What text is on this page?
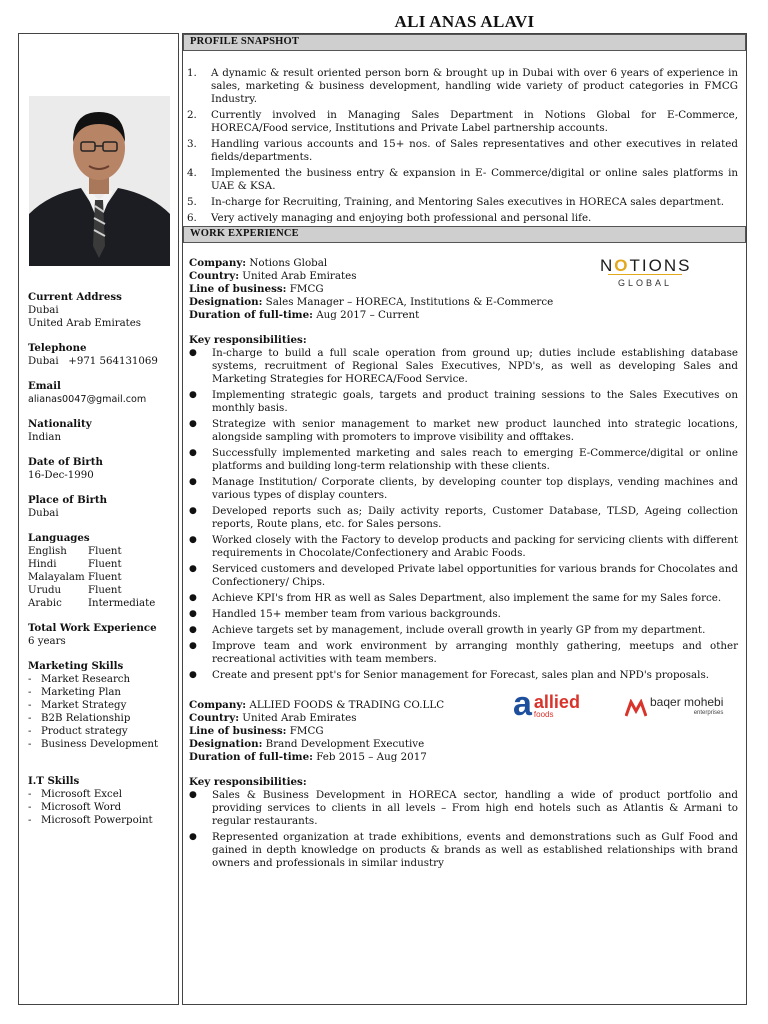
ALI ANAS ALAVI
Current Address
Dubai
United Arab Emirates
Telephone
Dubai   +971 564131069
Email
alianas0047@gmail.com
Nationality
Indian
Date of Birth
16-Dec-1990
Place of Birth
Dubai
Languages
English	Fluent
Hindi	Fluent
Malayalam Fluent
Urudu	Fluent
Arabic	Intermediate
Total Work Experience
6 years
Marketing Skills
- Market Research
- Marketing Plan
- Market Strategy
- B2B Relationship
- Product strategy
- Business Development
I.T Skills
- Microsoft Excel
- Microsoft Word
- Microsoft Powerpoint
PROFILE SNAPSHOT
1.	A dynamic & result oriented person born & brought up in Dubai with over 6 years of experience in sales, marketing & business development, handling wide variety of product categories in FMCG Industry.
2.	Currently involved in Managing Sales Department in Notions Global for E-Commerce, HORECA/Food service, Institutions and Private Label partnership accounts.
3.	Handling various accounts and 15+ nos. of Sales representatives and other executives in related fields/departments.
4.	Implemented the business entry & expansion in E- Commerce/digital or online sales platforms in UAE & KSA.
5.	In-charge for Recruiting, Training, and Mentoring Sales executives in HORECA sales department.
6.	Very actively managing and enjoying both professional and personal life.
WORK EXPERIENCE
NOTIONS
GLOBAL
Company: Notions Global
Country: United Arab Emirates
Line of business: FMCG
Designation: Sales Manager – HORECA, Institutions & E-Commerce
Duration of full-time: Aug 2017 – Current
Key responsibilities:
●	In-charge to build a full scale operation from ground up; duties include establishing database systems, recruitment of Regional Sales Executives, NPD's, as well as developing Sales and Marketing Strategies for HORECA/Food Service.
●	Implementing strategic goals, targets and product training sessions to the Sales Executives on monthly basis.
●	Strategize with senior management to market new product launched into strategic locations, alongside sampling with promoters to improve visibility and offtakes.
●	Successfully implemented marketing and sales reach to emerging E-Commerce/digital or online platforms and building long-term relationship with these clients.
●	Manage Institution/ Corporate clients, by developing counter top displays, vending machines and various types of display counters.
●	Developed reports such as; Daily activity reports, Customer Database, TLSD, Ageing collection reports, Route plans, etc. for Sales persons.
●	Worked closely with the Factory to develop products and packing for servicing clients with different requirements in Chocolate/Confectionery and Arabic Foods.
●	Serviced customers and developed Private label opportunities for various brands for Chocolates and Confectionery/ Chips.
●	Achieve KPI's from HR as well as Sales Department, also implement the same for my Sales force.
●	Handled 15+ member team from various backgrounds.
●	Achieve targets set by management, include overall growth in yearly GP from my department.
●	Improve team and work environment by arranging monthly gathering, meetups and other recreational activities with team members.
●	Create and present ppt's for Senior management for Forecast, sales plan and NPD's proposals.
a allied
foods
baqer mohebi
enterprises
Company: ALLIED FOODS & TRADING CO.LLC
Country: United Arab Emirates
Line of business: FMCG
Designation: Brand Development Executive
Duration of full-time: Feb 2015 – Aug 2017
Key responsibilities:
●	Sales & Business Development in HORECA sector, handling a wide of product portfolio and providing services to clients in all levels – From high end hotels such as Atlantis & Armani to regular restaurants.
●	Represented organization at trade exhibitions, events and demonstrations such as Gulf Food and gained in depth knowledge on products & brands as well as established relationships with brand owners and professionals in similar industry
